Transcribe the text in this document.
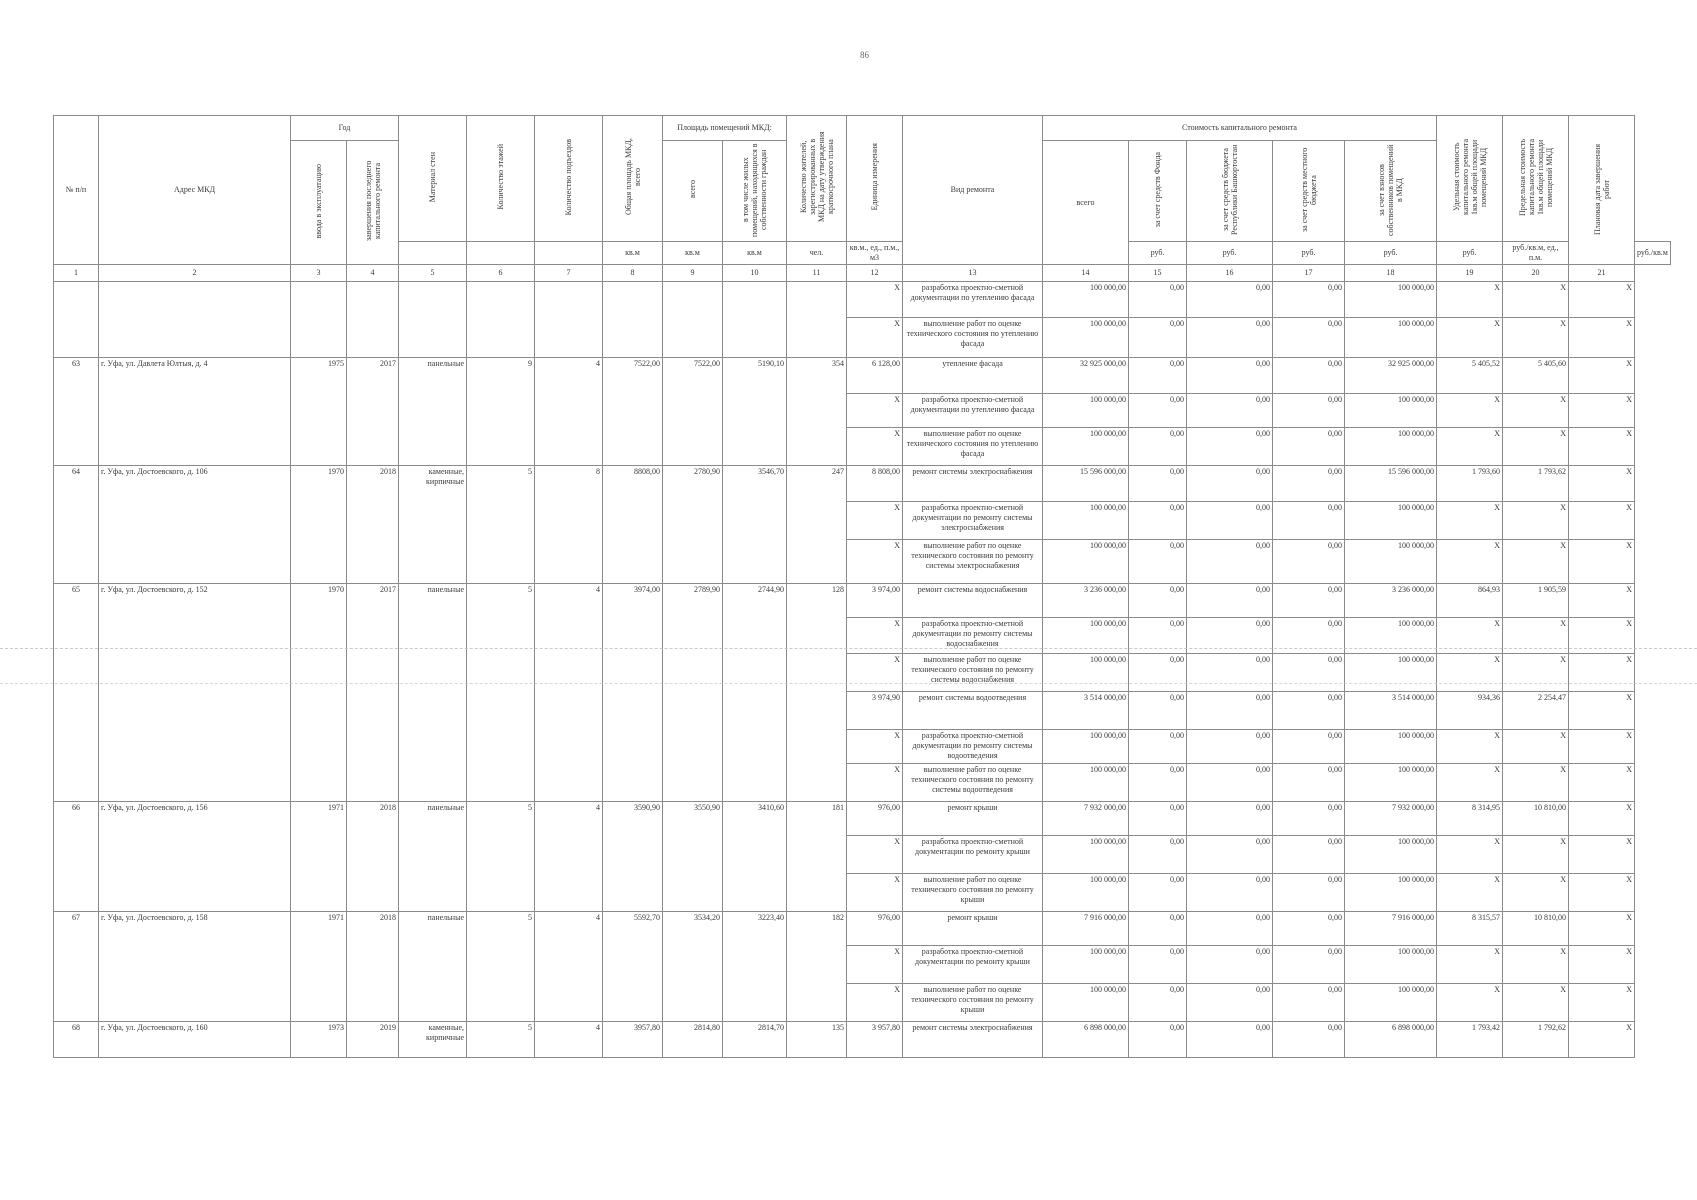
86
№ п/п	Адрес МКД	Год		Материал стен	Количество этажей	Количество подъездов	Общая площадь МКД, всего	Площадь помещений МКД:		Количество жителей, зарегистрированных в МКД на дату утверждения краткосрочного плана	Единица измерения	Вид ремонта	Стоимость капитального ремонта					Удельная стоимость капитального ремонта 1кв.м общей площади помещений МКД	Предельная стоимость капитального ремонта 1кв.м общей площади помещений МКД	Плановая дата завершения работ	
		ввода в эксплуатацию	завершения последнего капитального ремонта					всего	в том числе жилых помещений, находящихся в собственности граждан				всего	за счет средств Фонда	за счет средств бюджета Республики Башкортостан	за счет средств местного бюджета	за счет взносов собственников помещений в МКД				
							кв.м	кв.м	кв.м	чел.	кв.м., ед., п.м., м3			руб.	руб.	руб.	руб.	руб.	руб./кв.м, ед., п.м.		руб./кв.м
1	2	3	4	5	6	7	8	9	10	11	12	13	14	15	16	17	18	19	20	21	
											X	разработка проектно-сметной документации по утеплению фасада	100 000,00	0,00	0,00	0,00	100 000,00	X	X	X	
											X	выполнение работ по оценке технического состояния по утеплению фасада	100 000,00	0,00	0,00	0,00	100 000,00	X	X	X	
63	г. Уфа, ул. Давлета Юлтыя, д. 4	1975	2017	панельные	9	4	7522,00	7522,00	5190,10	354	6 128,00	утепление фасада	32 925 000,00	0,00	0,00	0,00	32 925 000,00	5 405,52	5 405,60	X	
											X	разработка проектно-сметной документации по утеплению фасада	100 000,00	0,00	0,00	0,00	100 000,00	X	X	X	
											X	выполнение работ по оценке технического состояния по утеплению фасада	100 000,00	0,00	0,00	0,00	100 000,00	X	X	X	
64	г. Уфа, ул. Достоевского, д. 106	1970	2018	каменные, кирпичные	5	8	8808,00	2780,90	3546,70	247	8 808,00	ремонт системы электроснабжения	15 596 000,00	0,00	0,00	0,00	15 596 000,00	1 793,60	1 793,62	X	
											X	разработка проектно-сметной документации по ремонту системы электроснабжения	100 000,00	0,00	0,00	0,00	100 000,00	X	X	X	
											X	выполнение работ по оценке технического состояния по ремонту системы электроснабжения	100 000,00	0,00	0,00	0,00	100 000,00	X	X	X	
65	г. Уфа, ул. Достоевского, д. 152	1970	2017	панельные	5	4	3974,00	2789,90	2744,90	128	3 974,00	ремонт системы водоснабжения	3 236 000,00	0,00	0,00	0,00	3 236 000,00	864,93	1 905,59	X	
											X	разработка проектно-сметной документации по ремонту системы водоснабжения	100 000,00	0,00	0,00	0,00	100 000,00	X	X	X	
											X	выполнение работ по оценке технического состояния по ремонту системы водоснабжения	100 000,00	0,00	0,00	0,00	100 000,00	X	X	X	
											3 974,90	ремонт системы водоотведения	3 514 000,00	0,00	0,00	0,00	3 514 000,00	934,36	2 254,47	X	
											X	разработка проектно-сметной документации по ремонту системы водоотведения	100 000,00	0,00	0,00	0,00	100 000,00	X	X	X	
											X	выполнение работ по оценке технического состояния по ремонту системы водоотведения	100 000,00	0,00	0,00	0,00	100 000,00	X	X	X	
66	г. Уфа, ул. Достоевского, д. 156	1971	2018	панельные	5	4	3590,90	3550,90	3410,60	181	976,00	ремонт крыши	7 932 000,00	0,00	0,00	0,00	7 932 000,00	8 314,95	10 810,00	X	
											X	разработка проектно-сметной документации по ремонту крыши	100 000,00	0,00	0,00	0,00	100 000,00	X	X	X	
											X	выполнение работ по оценке технического состояния по ремонту крыши	100 000,00	0,00	0,00	0,00	100 000,00	X	X	X	
67	г. Уфа, ул. Достоевского, д. 158	1971	2018	панельные	5	4	5592,70	3534,20	3223,40	182	976,00	ремонт крыши	7 916 000,00	0,00	0,00	0,00	7 916 000,00	8 315,57	10 810,00	X	
											X	разработка проектно-сметной документации по ремонту крыши	100 000,00	0,00	0,00	0,00	100 000,00	X	X	X	
											X	выполнение работ по оценке технического состояния по ремонту крыши	100 000,00	0,00	0,00	0,00	100 000,00	X	X	X	
68	г. Уфа, ул. Достоевского, д. 160	1973	2019	каменные, кирпичные	5	4	3957,80	2814,80	2814,70	135	3 957,80	ремонт системы электроснабжения	6 898 000,00	0,00	0,00	0,00	6 898 000,00	1 793,42	1 792,62	X	
